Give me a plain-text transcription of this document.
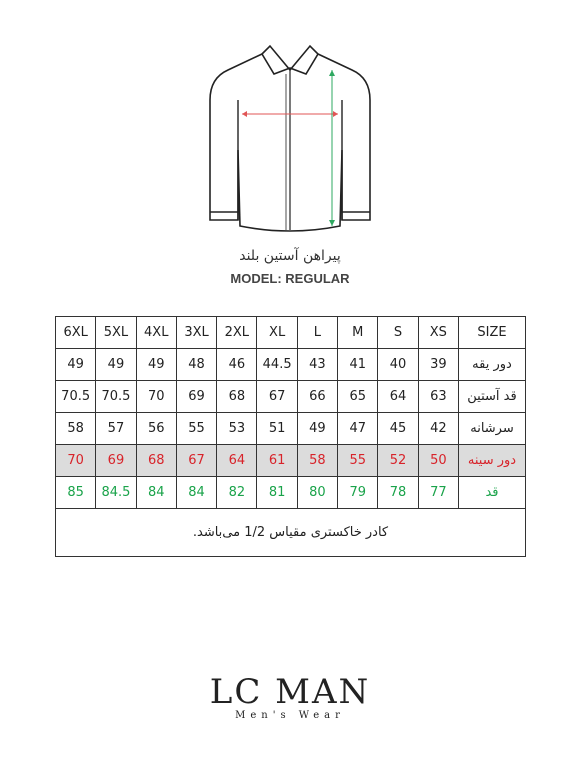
پیراهن آستین بلند
MODEL: REGULAR
6XL	5XL	4XL	3XL	2XL	XL	L	M	S	XS	SIZE
49	49	49	48	46	44.5	43	41	40	39	دور یقه
70.5	70.5	70	69	68	67	66	65	64	63	قد آستین
58	57	56	55	53	51	49	47	45	42	سرشانه
70	69	68	67	64	61	58	55	52	50	دور سینه
85	84.5	84	84	82	81	80	79	78	77	قد
کادر خاکستری مقیاس 1/2 می‌باشد.										
LC MAN
Men's Wear
